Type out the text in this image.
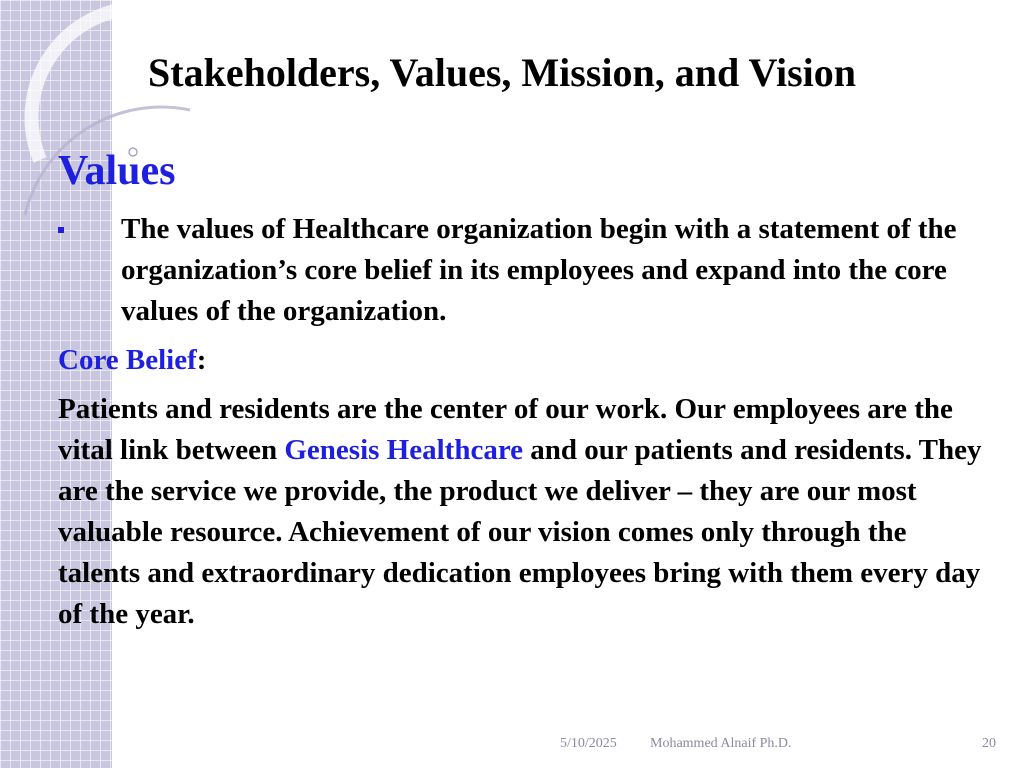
Stakeholders, Values, Mission, and Vision
Values
The values of Healthcare organization begin with a statement of the organization’s core belief in its employees and expand into the core values of the organization.
Core Belief:
Patients and residents are the center of our work. Our employees are the vital link between Genesis Healthcare and our patients and residents. They are the service we provide, the product we deliver – they are our most valuable resource. Achievement of our vision comes only through the talents and extraordinary dedication employees bring with them every day of the year.
5/10/2025 Mohammed Alnaif Ph.D.	20
